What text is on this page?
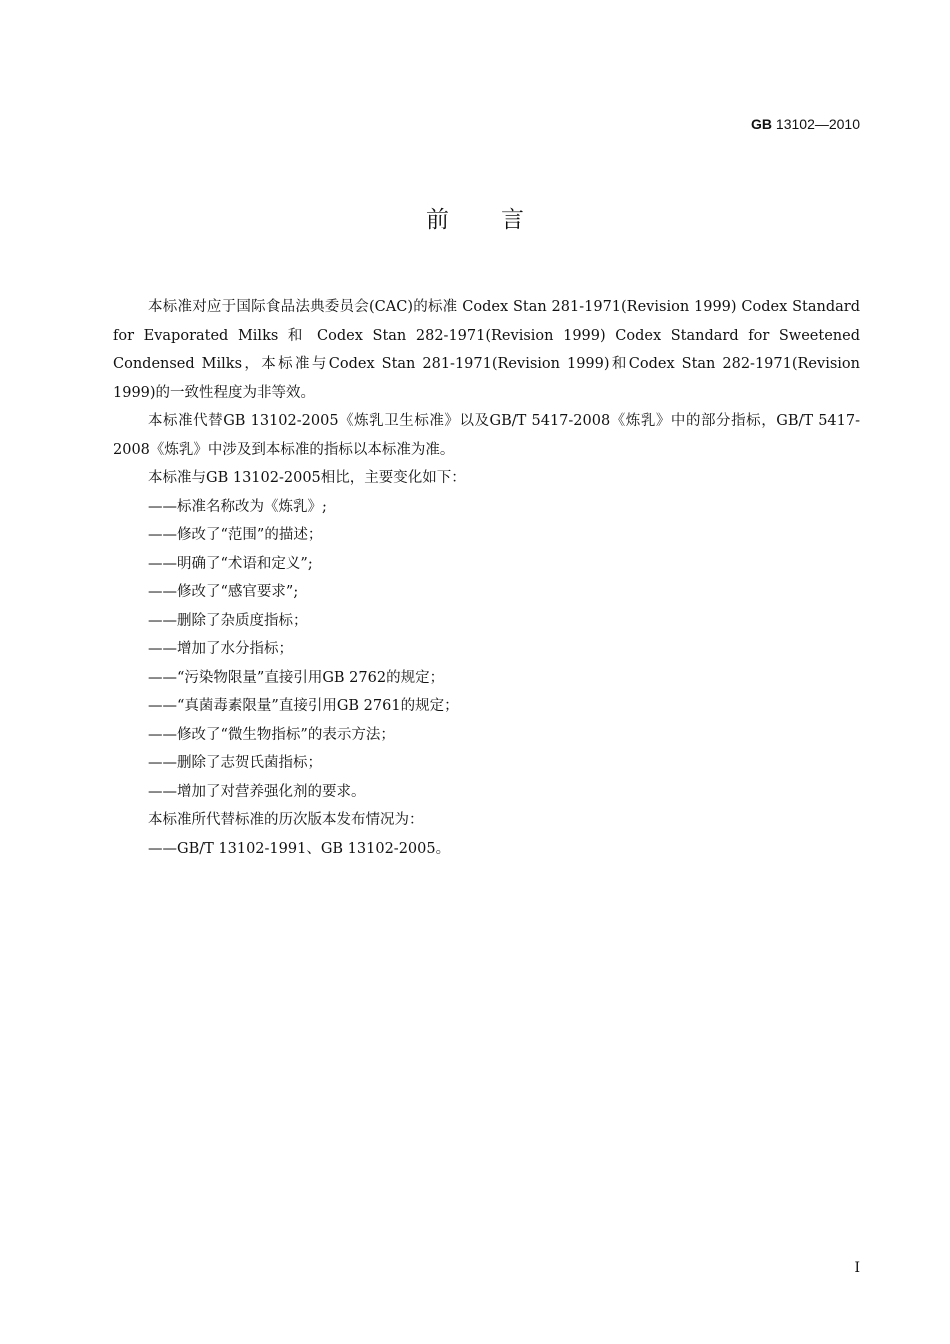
GB 13102—2010
前言

本标准对应于国际食品法典委员会(CAC)的标准 Codex Stan 281-1971(Revision 1999) Codex Standard for Evaporated Milks 和 Codex Stan 282-1971(Revision 1999) Codex Standard for Sweetened Condensed Milks，本标准与Codex Stan 281-1971(Revision 1999)和Codex Stan 282-1971(Revision 1999)的一致性程度为非等效。

本标准代替GB 13102-2005《炼乳卫生标准》以及GB/T 5417-2008《炼乳》中的部分指标，GB/T 5417-2008《炼乳》中涉及到本标准的指标以本标准为准。

本标准与GB 13102-2005相比，主要变化如下：

——标准名称改为《炼乳》;
——修改了“范围”的描述；
——明确了“术语和定义”;
——修改了“感官要求”;
——删除了杂质度指标；
——增加了水分指标；
——“污染物限量”直接引用GB 2762的规定；
——“真菌毒素限量”直接引用GB 2761的规定；
——修改了“微生物指标”的表示方法；
——删除了志贺氏菌指标；
——增加了对营养强化剂的要求。

本标准所代替标准的历次版本发布情况为：

——GB/T 13102-1991、GB 13102-2005。
I
